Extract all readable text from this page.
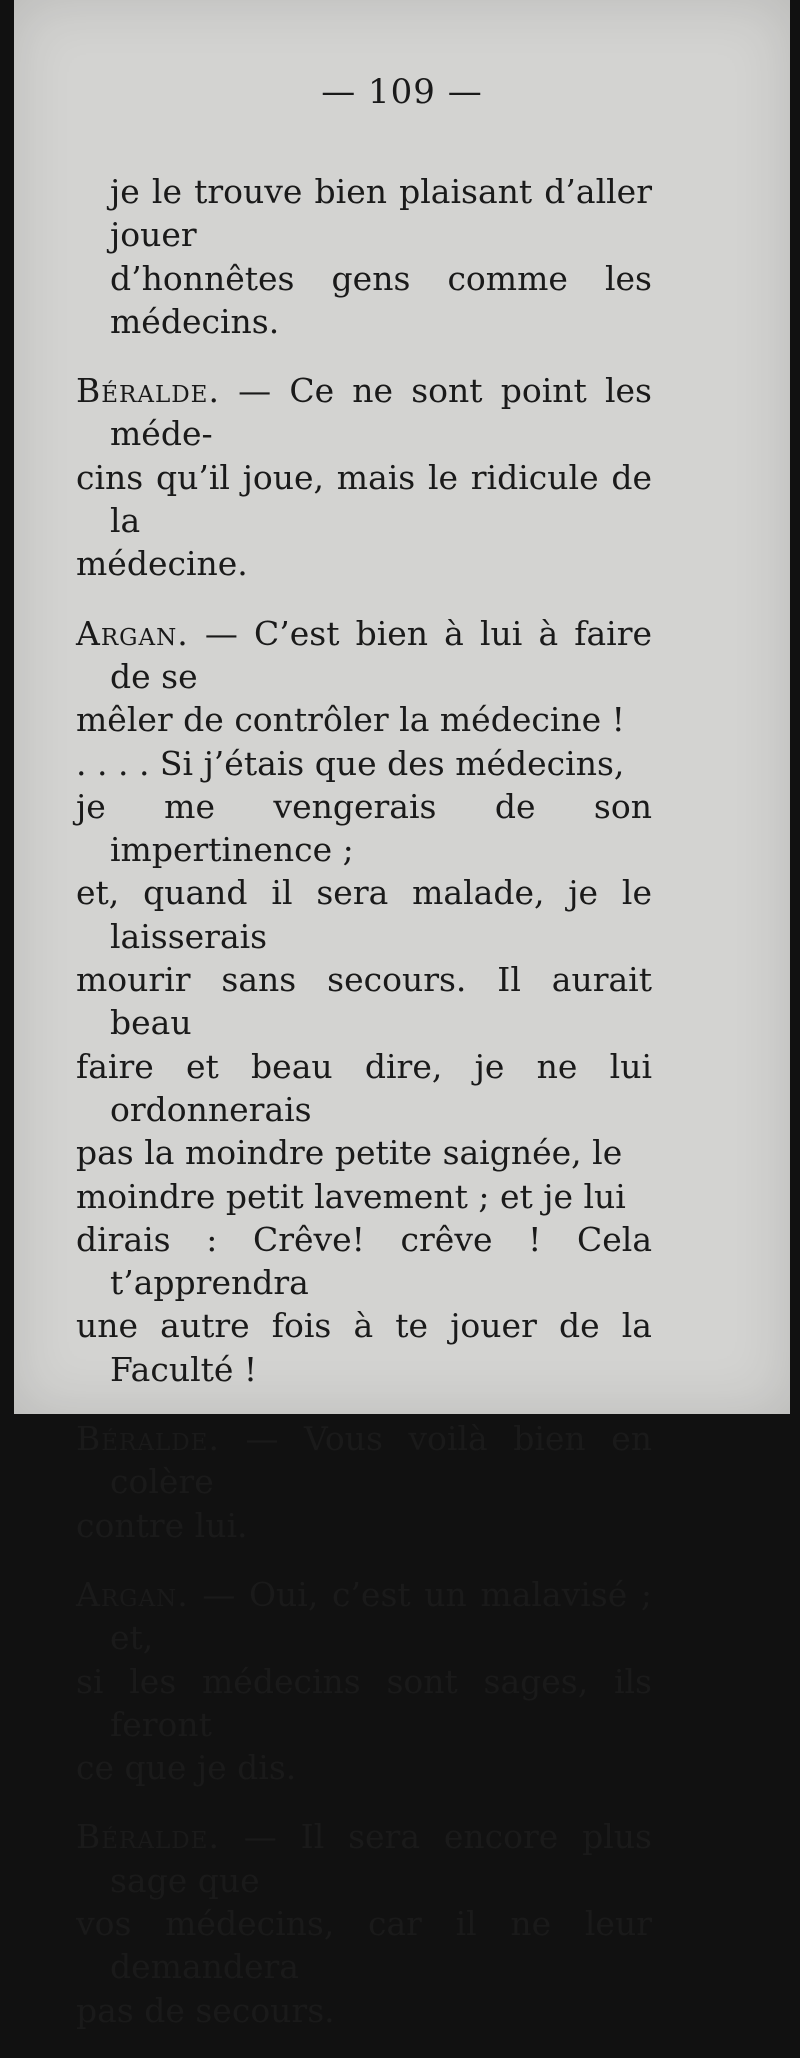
— 109 —

je le trouve bien plaisant d’aller jouer
d’honnêtes gens comme les médecins.

Béralde. — Ce ne sont point les méde-
cins qu’il joue, mais le ridicule de la
médecine.

Argan. — C’est bien à lui à faire de se
mêler de contrôler la médecine !
. . . . Si j’étais que des médecins,
je me vengerais de son impertinence ;
et, quand il sera malade, je le laisserais
mourir sans secours. Il aurait beau
faire et beau dire, je ne lui ordonnerais
pas la moindre petite saignée, le
moindre petit lavement ; et je lui
dirais : Crêve! crêve ! Cela t’apprendra
une autre fois à te jouer de la Faculté !

Béralde. — Vous voilà bien en colère
contre lui.

Argan. — Oui, c’est un malavisé ; et,
si les médecins sont sages, ils feront
ce que je dis.

Béralde. — Il sera encore plus sage que
vos médecins, car il ne leur demandera
pas de secours.
